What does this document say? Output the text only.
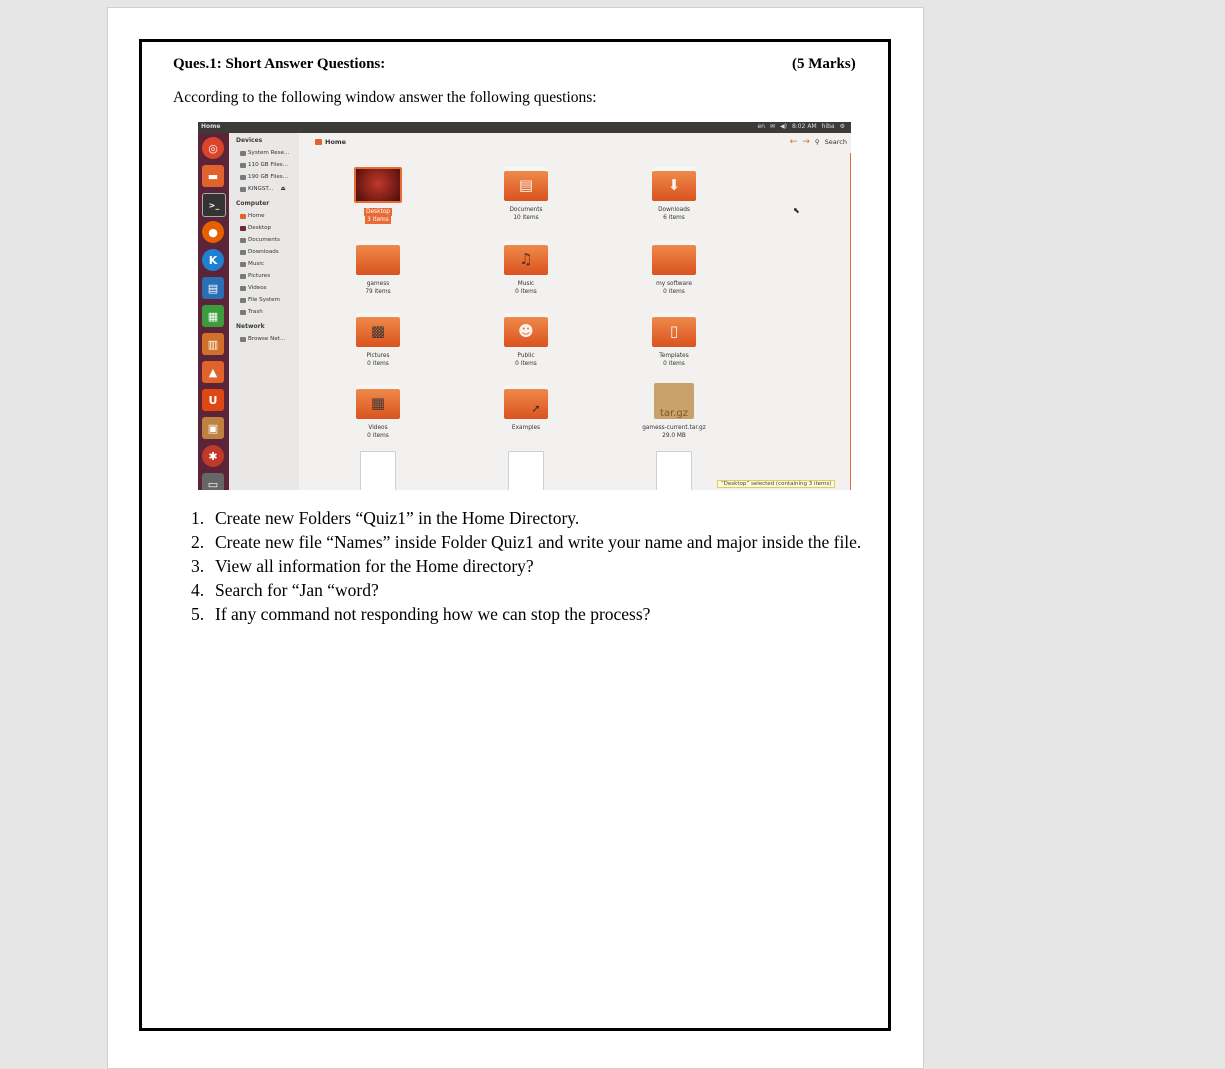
Ques.1: Short Answer Questions:	(5 Marks)
According to the following window answer the following questions:
Home	en ✉ ◀) 8:02 AM hiba ⚙
◎
▬
>_
●
K
▤
▦
▥
▲
U
▣
✱
▭
Devices
System Rese...
110 GB Files...
190 GB Files...
KINGST... ⏏
Computer
Home
Desktop
Documents
Downloads
Music
Pictures
Videos
File System
Trash
Network
Browse Net...
Home	← → ⚲ Search
Desktop
3 items
▤
Documents
10 items
⬇
Downloads
6 items
gamess
79 items
♫
Music
0 items
my software
0 items
▩
Pictures
0 items
☻
Public
0 items
▯
Templates
0 items
▦
Videos
0 items
➚
Examples
tar.gz
gamess-current.tar.gz
29.0 MB
⬉
“Desktop” selected (containing 3 items)
1. Create new Folders “Quiz1” in the Home Directory.
2. Create new file “Names” inside Folder Quiz1 and write your name and major inside the file.
3. View all information for the Home directory?
4. Search for “Jan “word?
5. If any command not responding how we can stop the process?
